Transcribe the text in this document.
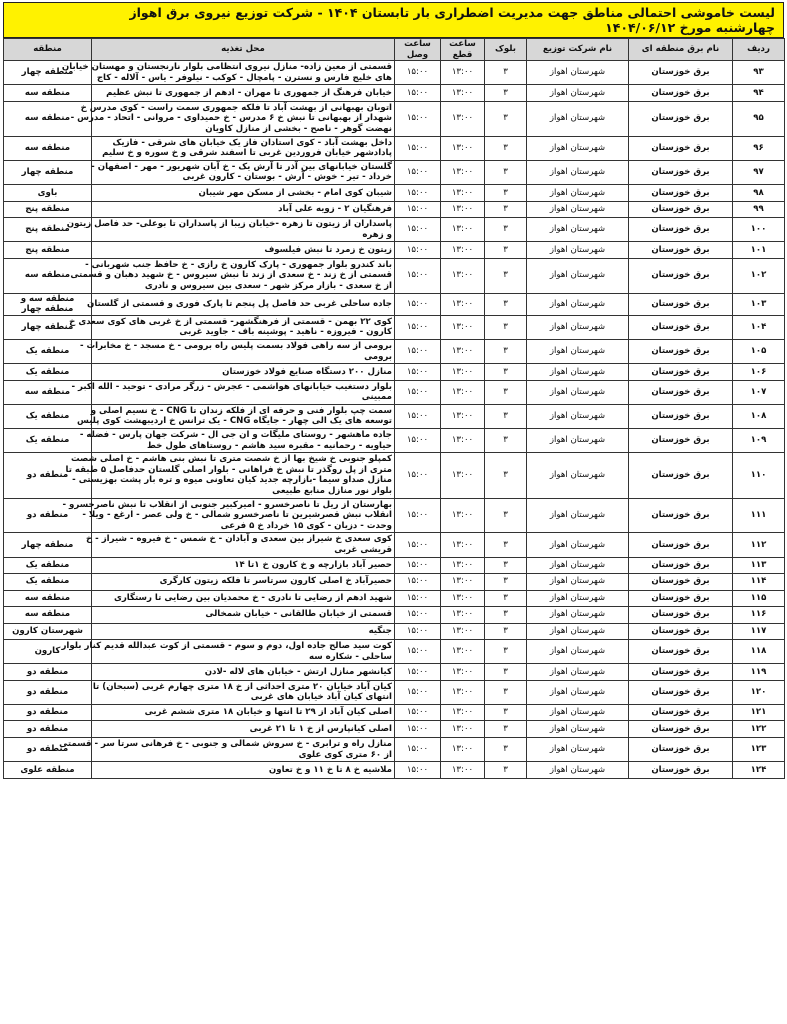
لیست خاموشی احتمالی مناطق جهت مدیریت اضطراری بار تابستان ۱۴۰۴ - شرکت توزیع نیروی برق اهواز
چهارشنبه مورخ ۱۴۰۴/۰۶/۱۲
ردیف	نام برق منطقه ای	نام شرکت توزیع	بلوک	ساعت قطع	ساعت وصل	محل تغذیه	منطقه
۹۳	برق خوزستان	شهرستان اهواز	۳	۱۳:۰۰	۱۵:۰۰	قسمتی از معین زاده- منازل نیروی انتظامی بلوار نارنجستان و مهستان خیابان
های خلیج فارس و نسترن - پامچال - کوکب - نیلوفر - یاس - آلاله - کاج	منطقه چهار
۹۴	برق خوزستان	شهرستان اهواز	۳	۱۳:۰۰	۱۵:۰۰	خیابان فرهنگ از جمهوری تا مهران - ادهم از جمهوری تا نبش عظیم	منطقه سه
۹۵	برق خوزستان	شهرستان اهواز	۳	۱۳:۰۰	۱۵:۰۰	اتوبان بهبهانی از بهشت آباد تا فلکه جمهوری سمت راست - کوی مدرس خ
شهدار از بهبهانی تا نبش خ ۶ مدرس - خ حمیداوی - مروانی - اتحاد - مدرس -
نهضت گوهر - ناصح - بخشی از منازل کاویان	منطقه سه
۹۶	برق خوزستان	شهرستان اهواز	۳	۱۳:۰۰	۱۵:۰۰	داخل بهشت آباد - کوی استادان فاز یک خیابان های شرقی - فازیک
پادادشهر خیابان فروردین غربی تا اسفند شرقی و خ سوره و خ سلیم	منطقه سه
۹۷	برق خوزستان	شهرستان اهواز	۳	۱۳:۰۰	۱۵:۰۰	گلستان خیابانهای بین آذر تا آرش یک - خ آبان شهریور - مهر - اصفهان -
خرداد - تیر - خوش - آرش - بوستان - کارون غربی	منطقه چهار
۹۸	برق خوزستان	شهرستان اهواز	۳	۱۳:۰۰	۱۵:۰۰	شیبان کوی امام - بخشی از مسکن مهر شیبان	باوی
۹۹	برق خوزستان	شهرستان اهواز	۳	۱۳:۰۰	۱۵:۰۰	فرهنگیان ۲ - زویه علی آباد	منطقه پنج
۱۰۰	برق خوزستان	شهرستان اهواز	۳	۱۳:۰۰	۱۵:۰۰	پاسداران از زیتون تا زهره -خیابان زیبا از پاسداران تا بوعلی- حد فاصل زیتون
و زهره	منطقه پنج
۱۰۱	برق خوزستان	شهرستان اهواز	۳	۱۳:۰۰	۱۵:۰۰	زیتون خ زمرد تا نبش فیلسوف	منطقه پنج
۱۰۲	برق خوزستان	شهرستان اهواز	۳	۱۳:۰۰	۱۵:۰۰	باند کندرو بلوار جمهوری - پارک کارون خ رازی - خ حافظ جنب شهربانی -
قسمتی از خ زند - خ سعدی از زند تا نبش سیروس - خ شهید دهبان و قسمتی
از خ سعدی - بازار مرکز شهر - سعدی بین سیروس و نادری	منطقه سه
۱۰۳	برق خوزستان	شهرستان اهواز	۳	۱۳:۰۰	۱۵:۰۰	جاده ساحلی غربی حد فاصل پل پنجم تا پارک فوری و قسمتی از گلستان	منطقه سه و منطقه چهار
۱۰۴	برق خوزستان	شهرستان اهواز	۳	۱۳:۰۰	۱۵:۰۰	کوی ۲۲ بهمن - قسمتی از فرهنگشهر- قسمتی از خ غربی های کوی سعدی خ
کارون - فیروزه - ناهید - پوشینه باف - جاوید غربی	منطقه چهار
۱۰۵	برق خوزستان	شهرستان اهواز	۳	۱۳:۰۰	۱۵:۰۰	برومی از سه راهی فولاد بسمت پلیس راه برومی - خ مسجد - خ مخابرات -
برومی	منطقه یک
۱۰۶	برق خوزستان	شهرستان اهواز	۳	۱۳:۰۰	۱۵:۰۰	منازل ۲۰۰ دستگاه صنایع فولاد خوزستان	منطقه یک
۱۰۷	برق خوزستان	شهرستان اهواز	۳	۱۳:۰۰	۱۵:۰۰	بلوار دستغیب خیابانهای هواشمی - عجرش - زرگر مرادی - توحید - الله اکبر -
ممبینی	منطقه سه
۱۰۸	برق خوزستان	شهرستان اهواز	۳	۱۳:۰۰	۱۵:۰۰	سمت چپ بلوار فنی و حرفه ای از فلکه زندان تا CNG - خ نسیم اصلی و
توسعه های یک الی چهار - جایگاه CNG - یک ترانس خ اردیبهشت کوی پلیس	منطقه یک
۱۰۹	برق خوزستان	شهرستان اهواز	۳	۱۳:۰۰	۱۵:۰۰	جاده ماهشهر - روستای ملیگات و ان جی ال - شرکت جهان پارس - فضله -
حیاویه - رحمانیه - مقبره سید هاشم - روستاهای طول خط	منطقه یک
۱۱۰	برق خوزستان	شهرستان اهواز	۳	۱۳:۰۰	۱۵:۰۰	کمپلو جنوبی خ شیخ بها از خ شصت متری تا نبش بنی هاشم - خ اصلی شصت
متری از پل روگذر تا نبش خ فراهانی - بلوار اصلی گلستان حدفاصل ۵ طبقه تا
منازل صداو سیما -بازارچه جدید کیان تعاونی میوه و تره بار پشت بهزیستی -
بلوار نور منازل منابع طبیعی	منطقه دو
۱۱۱	برق خوزستان	شهرستان اهواز	۳	۱۳:۰۰	۱۵:۰۰	بهارستان از ریل تا ناصرخسرو - امیرکبیر جنوبی از انقلاب تا نبش ناصرخسرو -
انقلاب نبش قصرشیرین تا ناصرخسرو شمالی - خ ولی عصر - ارغع - ویلا -
وحدت - دزیان - کوی ۱۵ خرداد خ ۵ فرعی	منطقه دو
۱۱۲	برق خوزستان	شهرستان اهواز	۳	۱۳:۰۰	۱۵:۰۰	کوی سعدی خ شیراز بین سعدی و آبادان - خ شمس - خ فیروه - شیراز - خ
قریشی غربی	منطقه چهار
۱۱۳	برق خوزستان	شهرستان اهواز	۳	۱۳:۰۰	۱۵:۰۰	حصیر آباد بازارچه و خ کارون خ ۱تا ۱۴	منطقه یک
۱۱۴	برق خوزستان	شهرستان اهواز	۳	۱۳:۰۰	۱۵:۰۰	حصیرآباد خ اصلی کارون سرتاسر تا فلکه زیتون کارگری	منطقه یک
۱۱۵	برق خوزستان	شهرستان اهواز	۳	۱۳:۰۰	۱۵:۰۰	شهید ادهم از رضایی تا نادری - خ محمدیان بین رضایی تا رستگاری	منطقه سه
۱۱۶	برق خوزستان	شهرستان اهواز	۳	۱۳:۰۰	۱۵:۰۰	قسمتی از خیابان طالقانی - خیابان شمخالی	منطقه سه
۱۱۷	برق خوزستان	شهرستان اهواز	۳	۱۳:۰۰	۱۵:۰۰	جنگیه	شهرستان کارون
۱۱۸	برق خوزستان	شهرستان اهواز	۳	۱۳:۰۰	۱۵:۰۰	کوت سید صالح جاده اول، دوم و سوم - قسمتی از کوت عبدالله قدیم کنار بلوار
ساحلی - شکاره سه	کارون
۱۱۹	برق خوزستان	شهرستان اهواز	۳	۱۳:۰۰	۱۵:۰۰	کیانشهر منازل ارتش - خیابان های لاله -لادن	منطقه دو
۱۲۰	برق خوزستان	شهرستان اهواز	۳	۱۳:۰۰	۱۵:۰۰	کیان آباد خیابان ۲۰ متری احداثی از خ ۱۸ متری چهارم غربی (سبحان) تا
انتهای کیان آباد خیابان های غربی	منطقه دو
۱۲۱	برق خوزستان	شهرستان اهواز	۳	۱۳:۰۰	۱۵:۰۰	اصلی کیان آباد از ۲۹ تا انتها و خیابان ۱۸ متری ششم غربی	منطقه دو
۱۲۲	برق خوزستان	شهرستان اهواز	۳	۱۳:۰۰	۱۵:۰۰	اصلی کیانپارس از خ ۱ تا ۲۱ غربی	منطقه دو
۱۲۳	برق خوزستان	شهرستان اهواز	۳	۱۳:۰۰	۱۵:۰۰	منازل راه و ترابری - خ سروش شمالی و جنوبی - خ فرهانی سرتا سر - قسمتی
از ۶۰ متری کوی علوی	منطقه دو
۱۲۴	برق خوزستان	شهرستان اهواز	۳	۱۳:۰۰	۱۵:۰۰	ملاشیه خ ۸ تا خ ۱۱ و خ تعاون	منطقه علوی
